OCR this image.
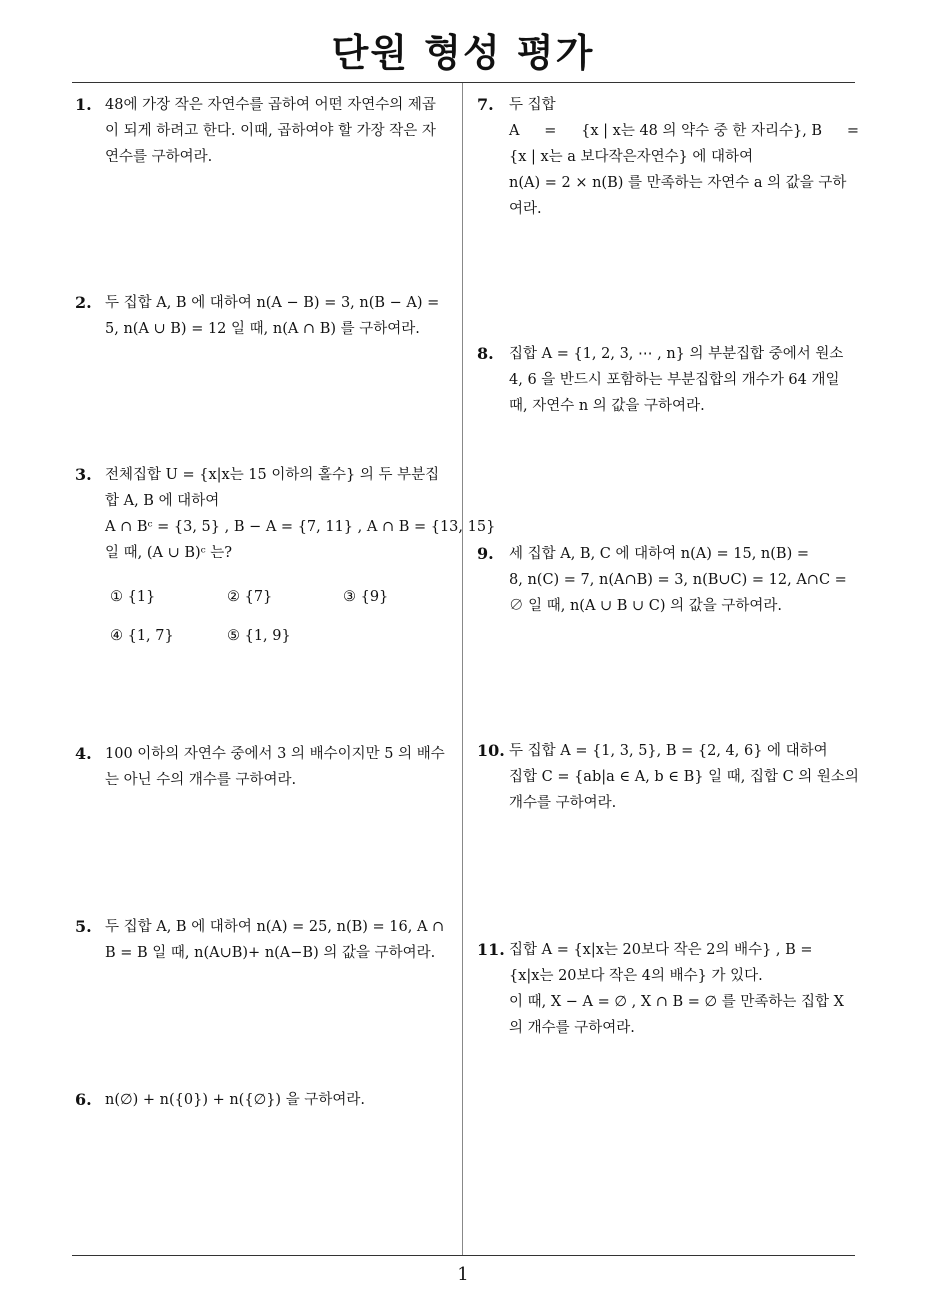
단원 형성 평가
1
1. 48에 가장 작은 자연수를 곱하여 어떤 자연수의 제곱
이 되게 하려고 한다. 이때, 곱하여야 할 가장 작은 자
연수를 구하여라.
2. 두 집합 A, B 에 대하여 n(A − B) = 3, n(B − A) =
5, n(A ∪ B) = 12 일 때, n(A ∩ B) 를 구하여라.
3. 전체집합 U = {x|x는 15 이하의 홀수} 의 두 부분집
합 A, B 에 대하여
A ∩ Bᶜ = {3, 5} , B − A = {7, 11} , A ∩ B = {13, 15}
일 때, (A ∪ B)ᶜ 는?
① {1}	② {7}	③ {9}
④ {1, 7}	⑤ {1, 9}
4. 100 이하의 자연수 중에서 3 의 배수이지만 5 의 배수
는 아닌 수의 개수를 구하여라.
5. 두 집합 A, B 에 대하여 n(A) = 25, n(B) = 16, A ∩
B = B 일 때, n(A∪B)+ n(A−B) 의 값을 구하여라.
6. n(∅) + n({0}) + n({∅}) 을 구하여라.
7. 두 집합
A = {x | x는 48 의 약수 중 한 자리수}, B =
{x | x는 a 보다작은자연수} 에 대하여
n(A) = 2 × n(B) 를 만족하는 자연수 a 의 값을 구하
여라.
8. 집합 A = {1, 2, 3, ⋯ , n} 의 부분집합 중에서 원소
4, 6 을 반드시 포함하는 부분집합의 개수가 64 개일
때, 자연수 n 의 값을 구하여라.
9. 세 집합 A, B, C 에 대하여 n(A) = 15, n(B) =
8, n(C) = 7, n(A∩B) = 3, n(B∪C) = 12, A∩C =
∅ 일 때, n(A ∪ B ∪ C) 의 값을 구하여라.
10. 두 집합 A = {1, 3, 5}, B = {2, 4, 6} 에 대하여
집합 C = {ab|a ∈ A, b ∈ B} 일 때, 집합 C 의 원소의
개수를 구하여라.
11. 집합 A = {x|x는 20보다 작은 2의 배수} , B =
{x|x는 20보다 작은 4의 배수} 가 있다.
이 때, X − A = ∅ , X ∩ B = ∅ 를 만족하는 집합 X
의 개수를 구하여라.
